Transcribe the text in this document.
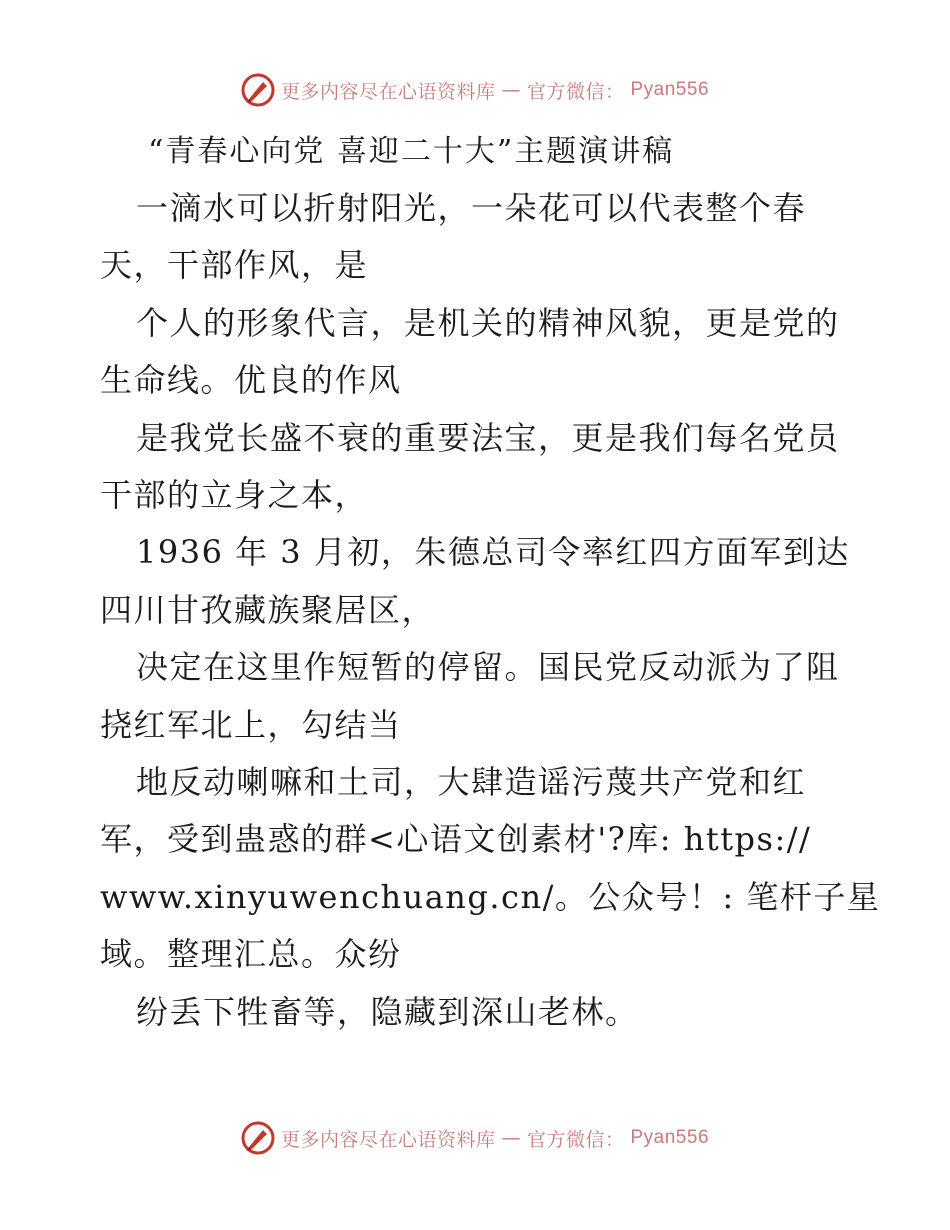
更多内容尽在心语资料库 — 官方微信： Pyan556
“青春心向党 喜迎二十大”主题演讲稿

一滴水可以折射阳光，一朵花可以代表整个春
天，干部作风，是
个人的形象代言，是机关的精神风貌，更是党的
生命线。优良的作风
是我党长盛不衰的重要法宝，更是我们每名党员
干部的立身之本，
1936 年 3 月初，朱德总司令率红四方面军到达
四川甘孜藏族聚居区，
决定在这里作短暂的停留。国民党反动派为了阻
挠红军北上，勾结当
地反动喇嘛和土司，大肆造谣污蔑共产党和红
军，受到蛊惑的群<心语文创素材'?库: https://
www.xinyuwenchuang.cn/。公众号！: 笔杆子星
域。整理汇总。众纷
纷丢下牲畜等，隐藏到深山老林。

更多内容尽在心语资料库 — 官方微信： Pyan556
